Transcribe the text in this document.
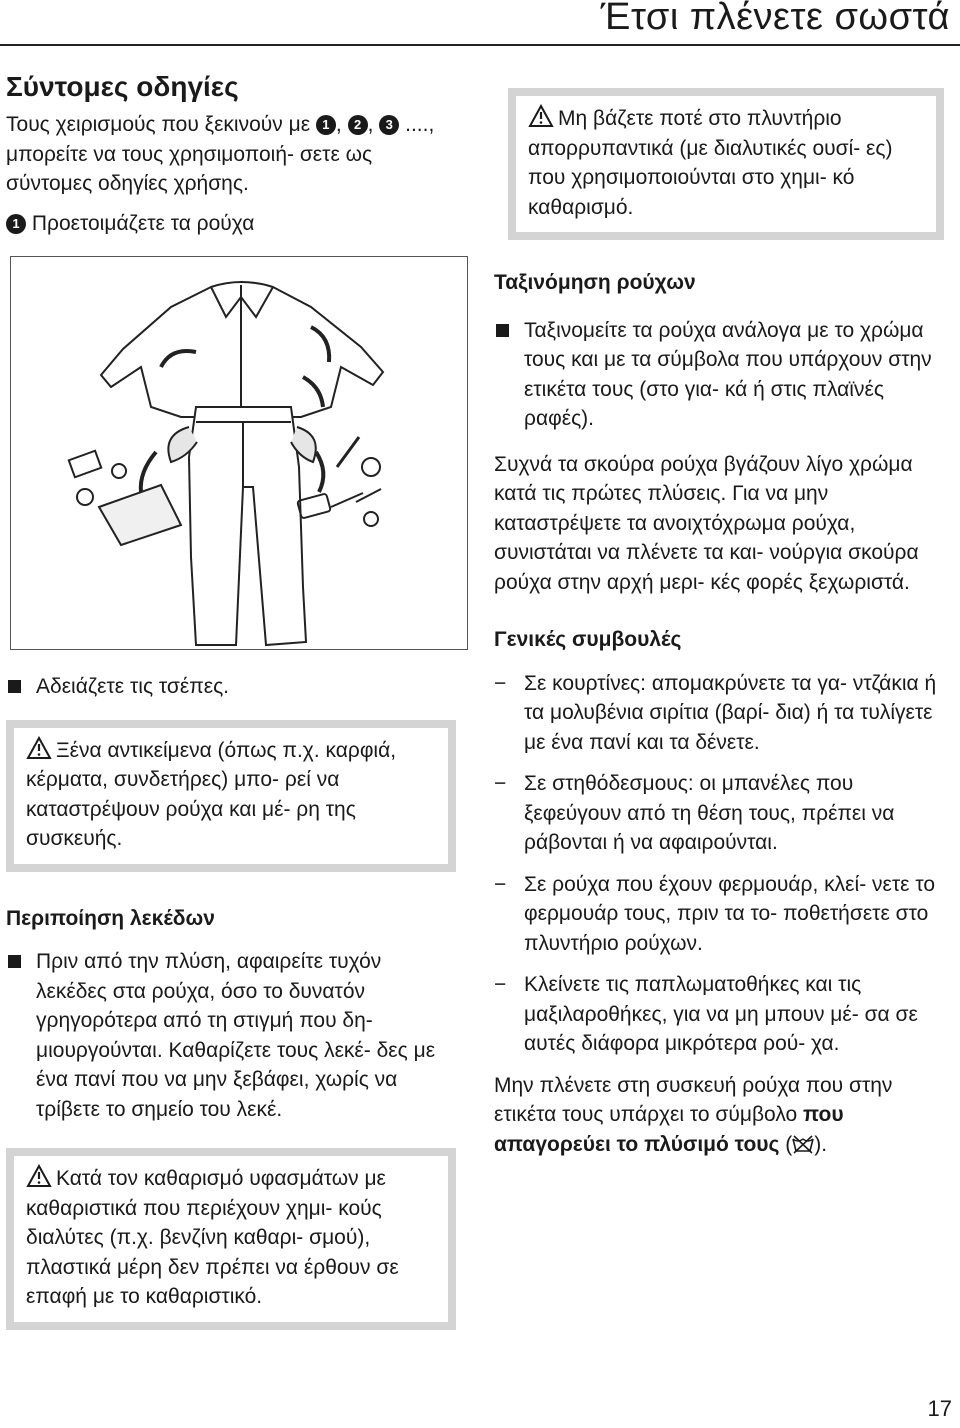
Έτσι πλένετε σωστά
Σύντομες οδηγίες

Τους χειρισμούς που ξεκινούν με 1 , 2 , 3 ...., μπορείτε να τους χρησιμοποιή- σετε ως σύντομες οδηγίες χρήσης.

1 Προετοιμάζετε τα ρούχα

Αδειάζετε τις τσέπες.
Ξένα αντικείμενα (όπως π.χ. καρφιά, κέρματα, συνδετήρες) μπο- ρεί να καταστρέψουν ρούχα και μέ- ρη της συσκευής.
Περιποίηση λεκέδων
Πριν από την πλύση, αφαιρείτε τυχόν λεκέδες στα ρούχα, όσο το δυνατόν γρηγορότερα από τη στιγμή που δη- μιουργούνται. Καθαρίζετε τους λεκέ- δες με ένα πανί που να μην ξεβάφει, χωρίς να τρίβετε το σημείο του λεκέ.
Κατά τον καθαρισμό υφασμάτων με καθαριστικά που περιέχουν χημι- κούς διαλύτες (π.χ. βενζίνη καθαρι- σμού), πλαστικά μέρη δεν πρέπει να έρθουν σε επαφή με το καθαριστικό.
Μη βάζετε ποτέ στο πλυντήριο απορρυπαντικά (με διαλυτικές ουσί- ες) που χρησιμοποιούνται στο χημι- κό καθαρισμό.
Ταξινόμηση ρούχων
Ταξινομείτε τα ρούχα ανάλογα με το χρώμα τους και με τα σύμβολα που υπάρχουν στην ετικέτα τους (στο για- κά ή στις πλαϊνές ραφές).

Συχνά τα σκούρα ρούχα βγάζουν λίγο χρώμα κατά τις πρώτες πλύσεις. Για να μην καταστρέψετε τα ανοιχτόχρωμα ρούχα, συνιστάται να πλένετε τα και- νούργια σκούρα ρούχα στην αρχή μερι- κές φορές ξεχωριστά.

Γενικές συμβουλές
− Σε κουρτίνες: απομακρύνετε τα γα- ντζάκια ή τα μολυβένια σιρίτια (βαρί- δια) ή τα τυλίγετε με ένα πανί και τα δένετε.
− Σε στηθόδεσμους: οι μπανέλες που ξεφεύγουν από τη θέση τους, πρέπει να ράβονται ή να αφαιρούνται.
− Σε ρούχα που έχουν φερμουάρ, κλεί- νετε το φερμουάρ τους, πριν τα το- ποθετήσετε στο πλυντήριο ρούχων.
− Κλείνετε τις παπλωματοθήκες και τις μαξιλαροθήκες, για να μη μπουν μέ- σα σε αυτές διάφορα μικρότερα ρού- χα.

Μην πλένετε στη συσκευή ρούχα που στην ετικέτα τους υπάρχει το σύμβολο που απαγορεύει το πλύσιμό τους ( ).

17
